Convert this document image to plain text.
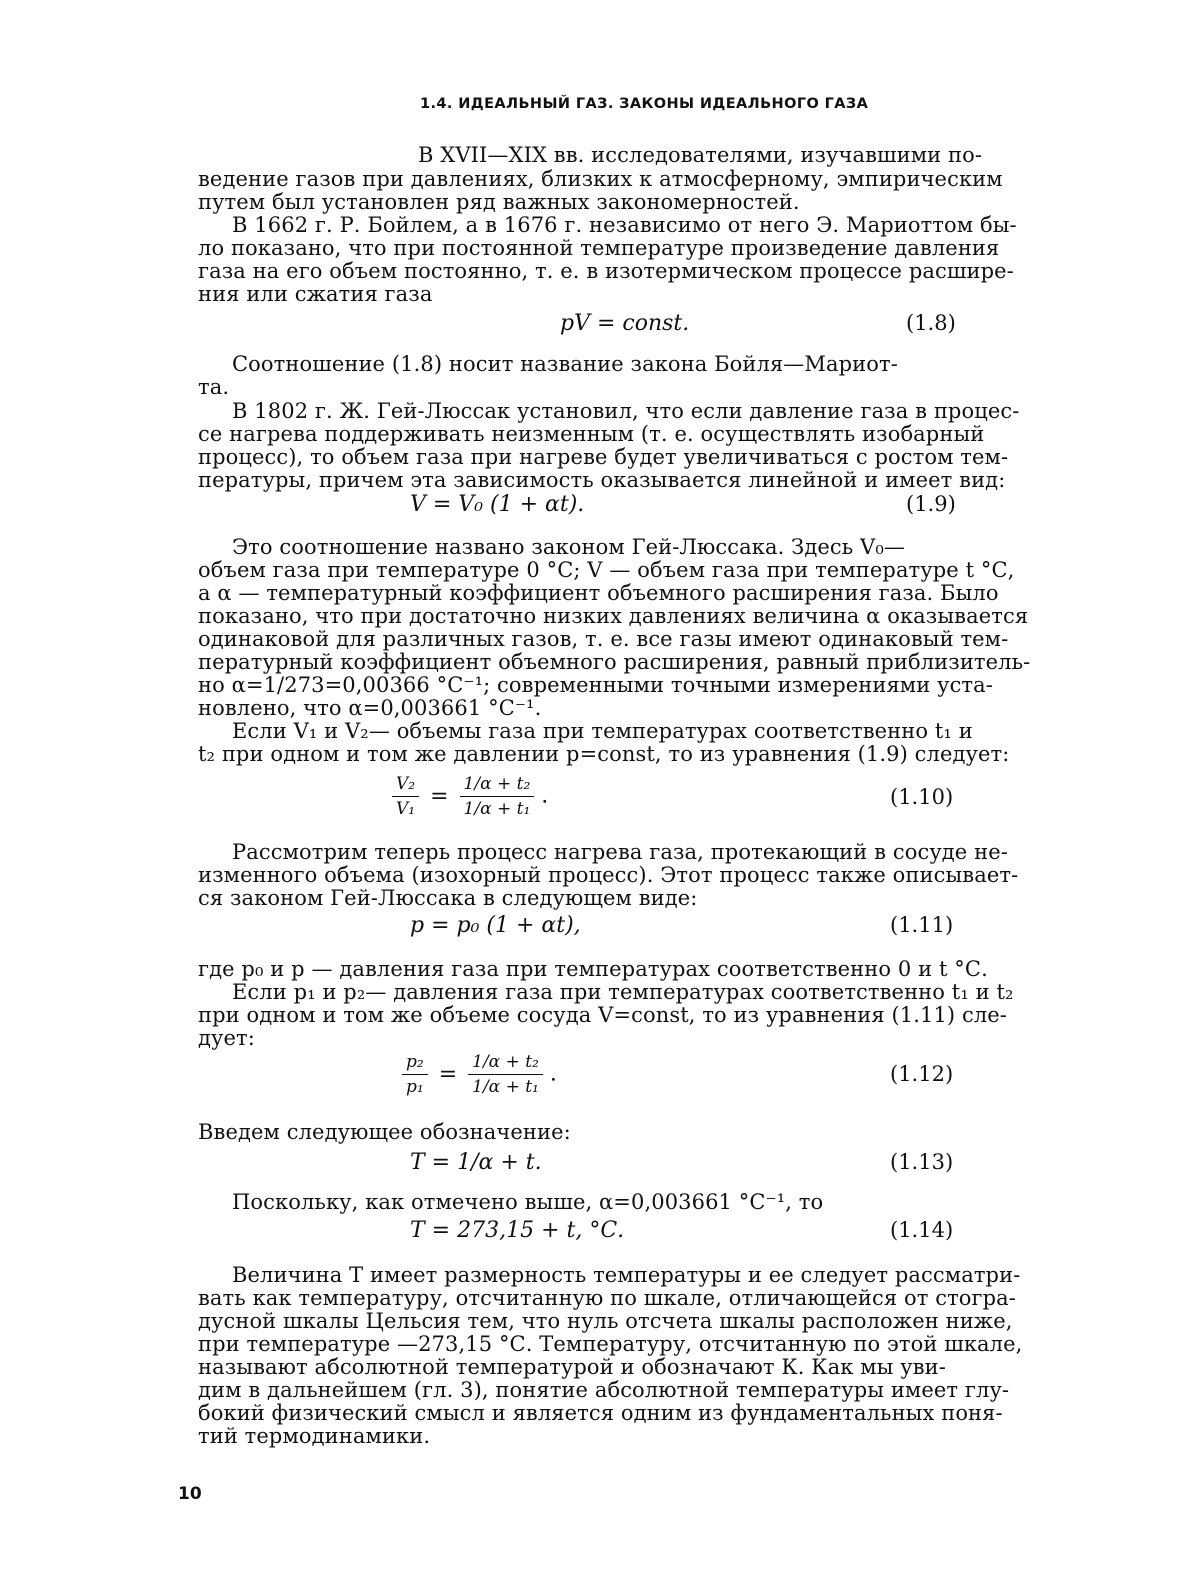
1.4. ИДЕАЛЬНЫЙ ГАЗ. ЗАКОНЫ ИДЕАЛЬНОГО ГАЗА
В XVII—XIX вв. исследователями, изучавшими по-
ведение газов при давлениях, близких к атмосферному, эмпирическим
путем был установлен ряд важных закономерностей.
В 1662 г. Р. Бойлем, а в 1676 г. независимо от него Э. Мариоттом бы-
ло показано, что при постоянной температуре произведение давления
газа на его объем постоянно, т. е. в изотермическом процессе расшире-
ния или сжатия газа
pV = const.	(1.8)
Соотношение (1.8) носит название закона Бойля—Мариот-
та.
В 1802 г. Ж. Гей-Люссак установил, что если давление газа в процес-
се нагрева поддерживать неизменным (т. е. осуществлять изобарный
процесс), то объем газа при нагреве будет увеличиваться с ростом тем-
пературы, причем эта зависимость оказывается линейной и имеет вид:
V = V₀ (1 + αt).	(1.9)
Это соотношение названо законом Гей-Люссака. Здесь V₀—
объем газа при температуре 0 °С; V — объем газа при температуре t °С,
а α — температурный коэффициент объемного расширения газа. Было
показано, что при достаточно низких давлениях величина α оказывается
одинаковой для различных газов, т. е. все газы имеют одинаковый тем-
пературный коэффициент объемного расширения, равный приблизитель-
но α=1/273=0,00366 °С⁻¹; современными точными измерениями уста-
новлено, что α=0,003661 °С⁻¹.
Если V₁ и V₂— объемы газа при температурах соответственно t₁ и
t₂ при одном и том же давлении p=const, то из уравнения (1.9) следует:
$\frac{\text{V₂}}{\text{V₁}} = \frac{\text{1/α + t₂}}{\text{1/α + t₁}}$ .	(1.10)
Рассмотрим теперь процесс нагрева газа, протекающий в сосуде не-
изменного объема (изохорный процесс). Этот процесс также описывает-
ся законом Гей-Люссака в следующем виде:
p = p₀ (1 + αt),	(1.11)
где p₀ и p — давления газа при температурах соответственно 0 и t °С.
Если p₁ и p₂— давления газа при температурах соответственно t₁ и t₂
при одном и том же объеме сосуда V=const, то из уравнения (1.11) сле-
дует:
$\frac{\text{p₂}}{\text{p₁}} = \frac{\text{1/α + t₂}}{\text{1/α + t₁}}$ .	(1.12)
Введем следующее обозначение:
T = 1/α + t.	(1.13)
Поскольку, как отмечено выше, α=0,003661 °С⁻¹, то
T = 273,15 + t, °С.	(1.14)
Величина T имеет размерность температуры и ее следует рассматри-
вать как температуру, отсчитанную по шкале, отличающейся от стогра-
дусной шкалы Цельсия тем, что нуль отсчета шкалы расположен ниже,
при температуре —273,15 °С. Температуру, отсчитанную по этой шкале,
называют абсолютной температурой и обозначают К. Как мы уви-
дим в дальнейшем (гл. 3), понятие абсолютной температуры имеет глу-
бокий физический смысл и является одним из фундаментальных поня-
тий термодинамики.
10
